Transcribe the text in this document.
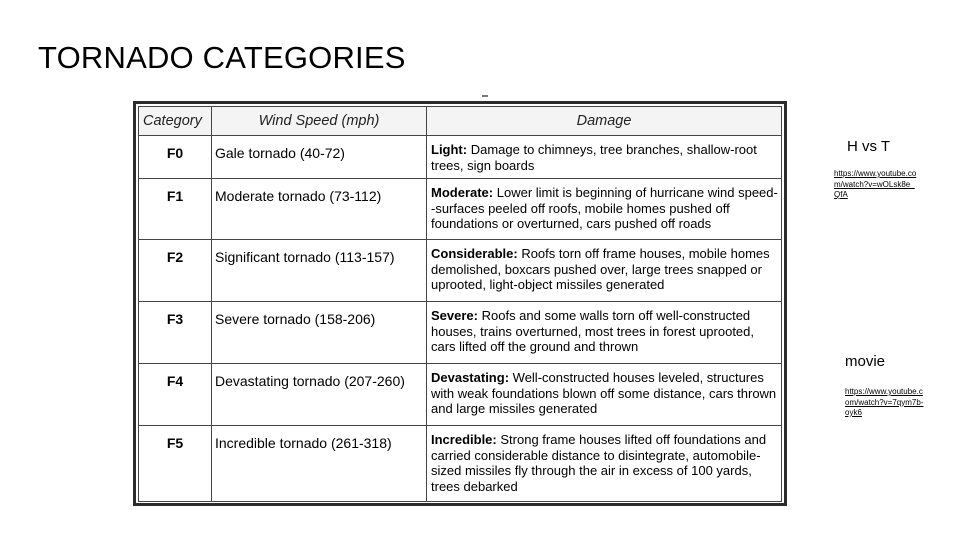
TORNADO CATEGORIES
Category	Wind Speed (mph)	Damage
F0	Gale tornado (40-72)	Light: Damage to chimneys, tree branches, shallow-root trees, sign boards
F1	Moderate tornado (73-112)	Moderate: Lower limit is beginning of hurricane wind speed--surfaces peeled off roofs, mobile homes pushed off foundations or overturned, cars pushed off roads
F2	Significant tornado (113-157)	Considerable: Roofs torn off frame houses, mobile homes demolished, boxcars pushed over, large trees snapped or uprooted, light-object missiles generated
F3	Severe tornado (158-206)	Severe: Roofs and some walls torn off well-constructed houses, trains overturned, most trees in forest uprooted, cars lifted off the ground and thrown
F4	Devastating tornado (207-260)	Devastating: Well-constructed houses leveled, structures with weak foundations blown off some distance, cars thrown and large missiles generated
F5	Incredible tornado (261-318)	Incredible: Strong frame houses lifted off foundations and carried considerable distance to disintegrate, automobile-sized missiles fly through the air in excess of 100 yards, trees debarked
H vs T
https://www.youtube.com/watch?v=wOLsk8e_QfA
movie
https://www.youtube.com/watch?v=7qym7b-oyk6
